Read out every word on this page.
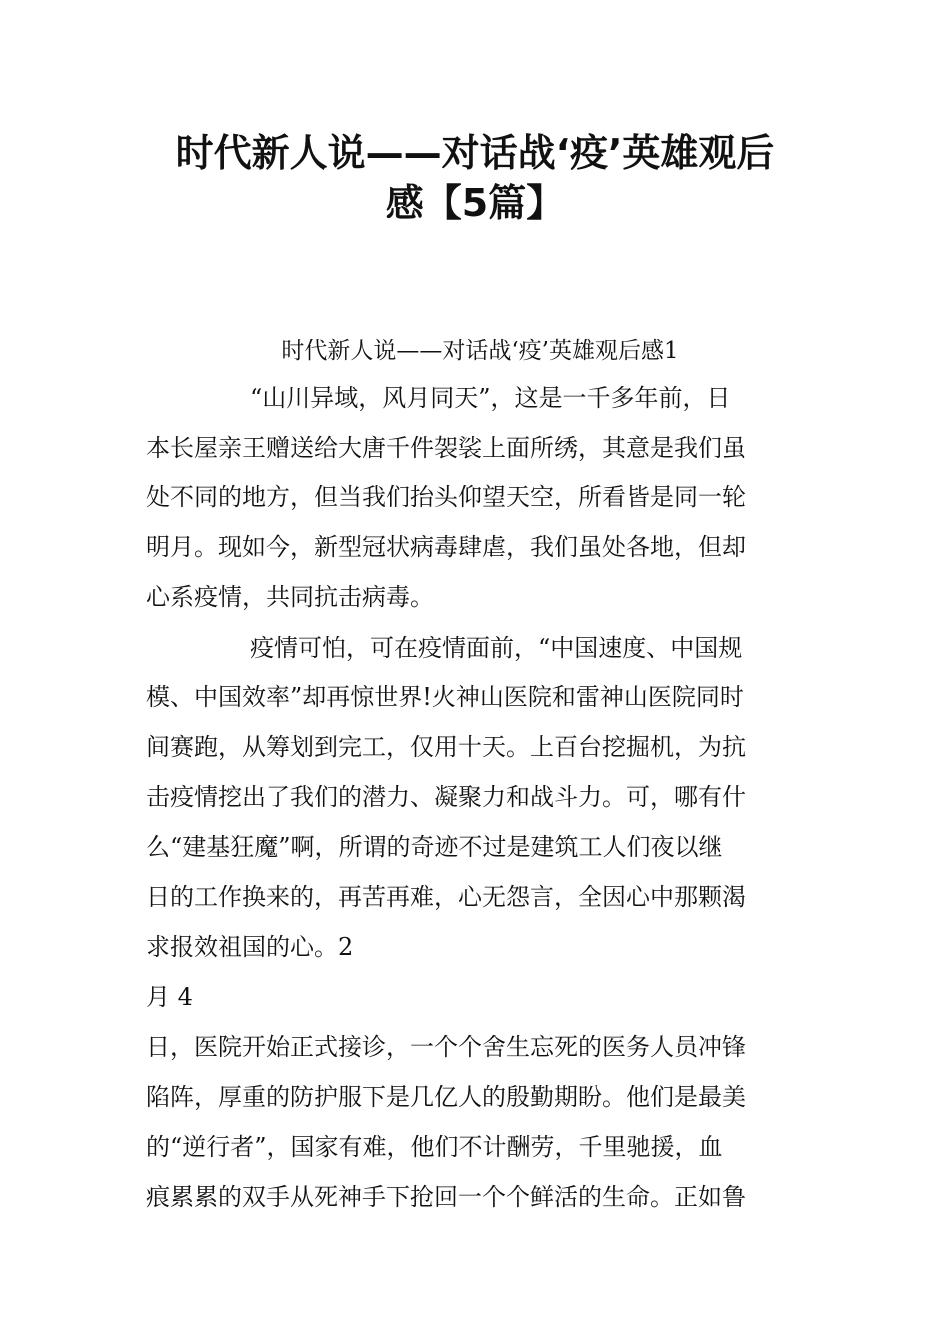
时代新人说——对话战‘疫’英雄观后
感【5篇】
时代新人说——对话战‘疫’英雄观后感1
“山川异域，风月同天”，这是一千多年前，日
本长屋亲王赠送给大唐千件袈裟上面所绣，其意是我们虽
处不同的地方，但当我们抬头仰望天空，所看皆是同一轮
明月。现如今，新型冠状病毒肆虐，我们虽处各地，但却
心系疫情，共同抗击病毒。
疫情可怕，可在疫情面前，“中国速度、中国规
模、中国效率”却再惊世界!火神山医院和雷神山医院同时
间赛跑，从筹划到完工，仅用十天。上百台挖掘机，为抗
击疫情挖出了我们的潜力、凝聚力和战斗力。可，哪有什
么“建基狂魔”啊，所谓的奇迹不过是建筑工人们夜以继
日的工作换来的，再苦再难，心无怨言，全因心中那颗渴
求报效祖国的心。2
月 4
日，医院开始正式接诊，一个个舍生忘死的医务人员冲锋
陷阵，厚重的防护服下是几亿人的殷勤期盼。他们是最美
的“逆行者”，国家有难，他们不计酬劳，千里驰援，血
痕累累的双手从死神手下抢回一个个鲜活的生命。正如鲁
